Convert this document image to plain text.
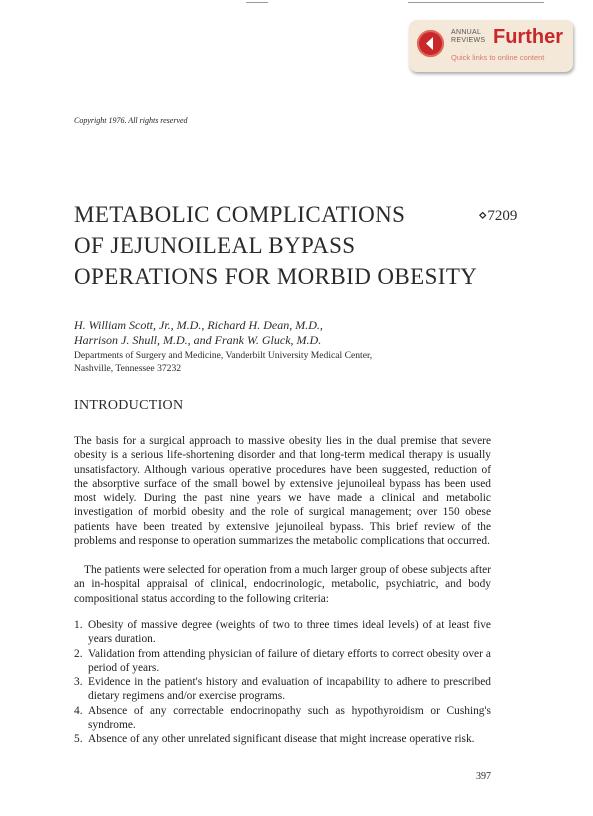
ANNUAL
REVIEWS Further
Quick links to online content
Copyright 1976. All rights reserved
METABOLIC COMPLICATIONS
OF JEJUNOILEAL BYPASS
OPERATIONS FOR MORBID OBESITY
⋄7209
H. William Scott, Jr., M.D., Richard H. Dean, M.D.,
Harrison J. Shull, M.D., and Frank W. Gluck, M.D.
Departments of Surgery and Medicine, Vanderbilt University Medical Center,
Nashville, Tennessee 37232
INTRODUCTION

The basis for a surgical approach to massive obesity lies in the dual premise that severe obesity is a serious life-shortening disorder and that long-term medical therapy is usually unsatisfactory. Although various operative procedures have been suggested, reduction of the absorptive surface of the small bowel by extensive jejunoileal bypass has been used most widely. During the past nine years we have made a clinical and metabolic investigation of morbid obesity and the role of surgical management; over 150 obese patients have been treated by extensive jejunoileal bypass. This brief review of the problems and response to operation summarizes the metabolic complications that occurred.

The patients were selected for operation from a much larger group of obese subjects after an in-hospital appraisal of clinical, endocrinologic, metabolic, psychiatric, and body compositional status according to the following criteria:

1. Obesity of massive degree (weights of two to three times ideal levels) of at least five years duration.
2. Validation from attending physician of failure of dietary efforts to correct obesity over a period of years.
3. Evidence in the patient's history and evaluation of incapability to adhere to prescribed dietary regimens and/or exercise programs.
4. Absence of any correctable endocrinopathy such as hypothyroidism or Cushing's syndrome.
5. Absence of any other unrelated significant disease that might increase operative risk.
397
